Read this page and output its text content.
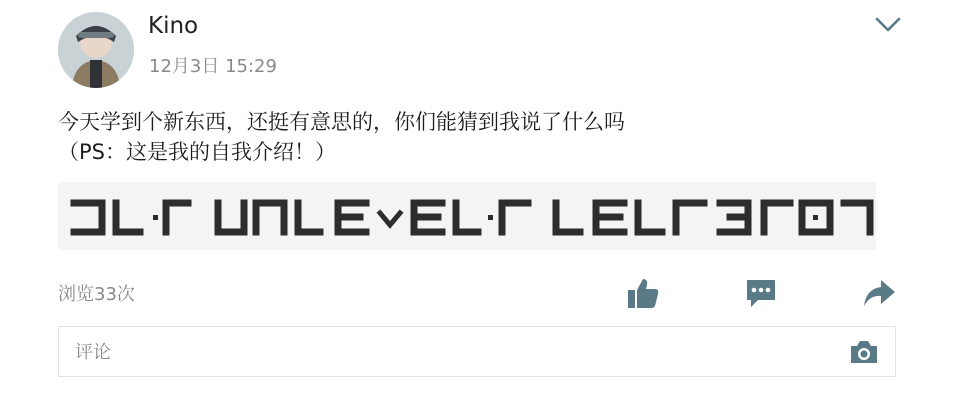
Kino
12月3日 15:29
今天学到个新东西，还挺有意思的，你们能猜到我说了什么吗
（PS：这是我的自我介绍！）
浏览33次
评论
